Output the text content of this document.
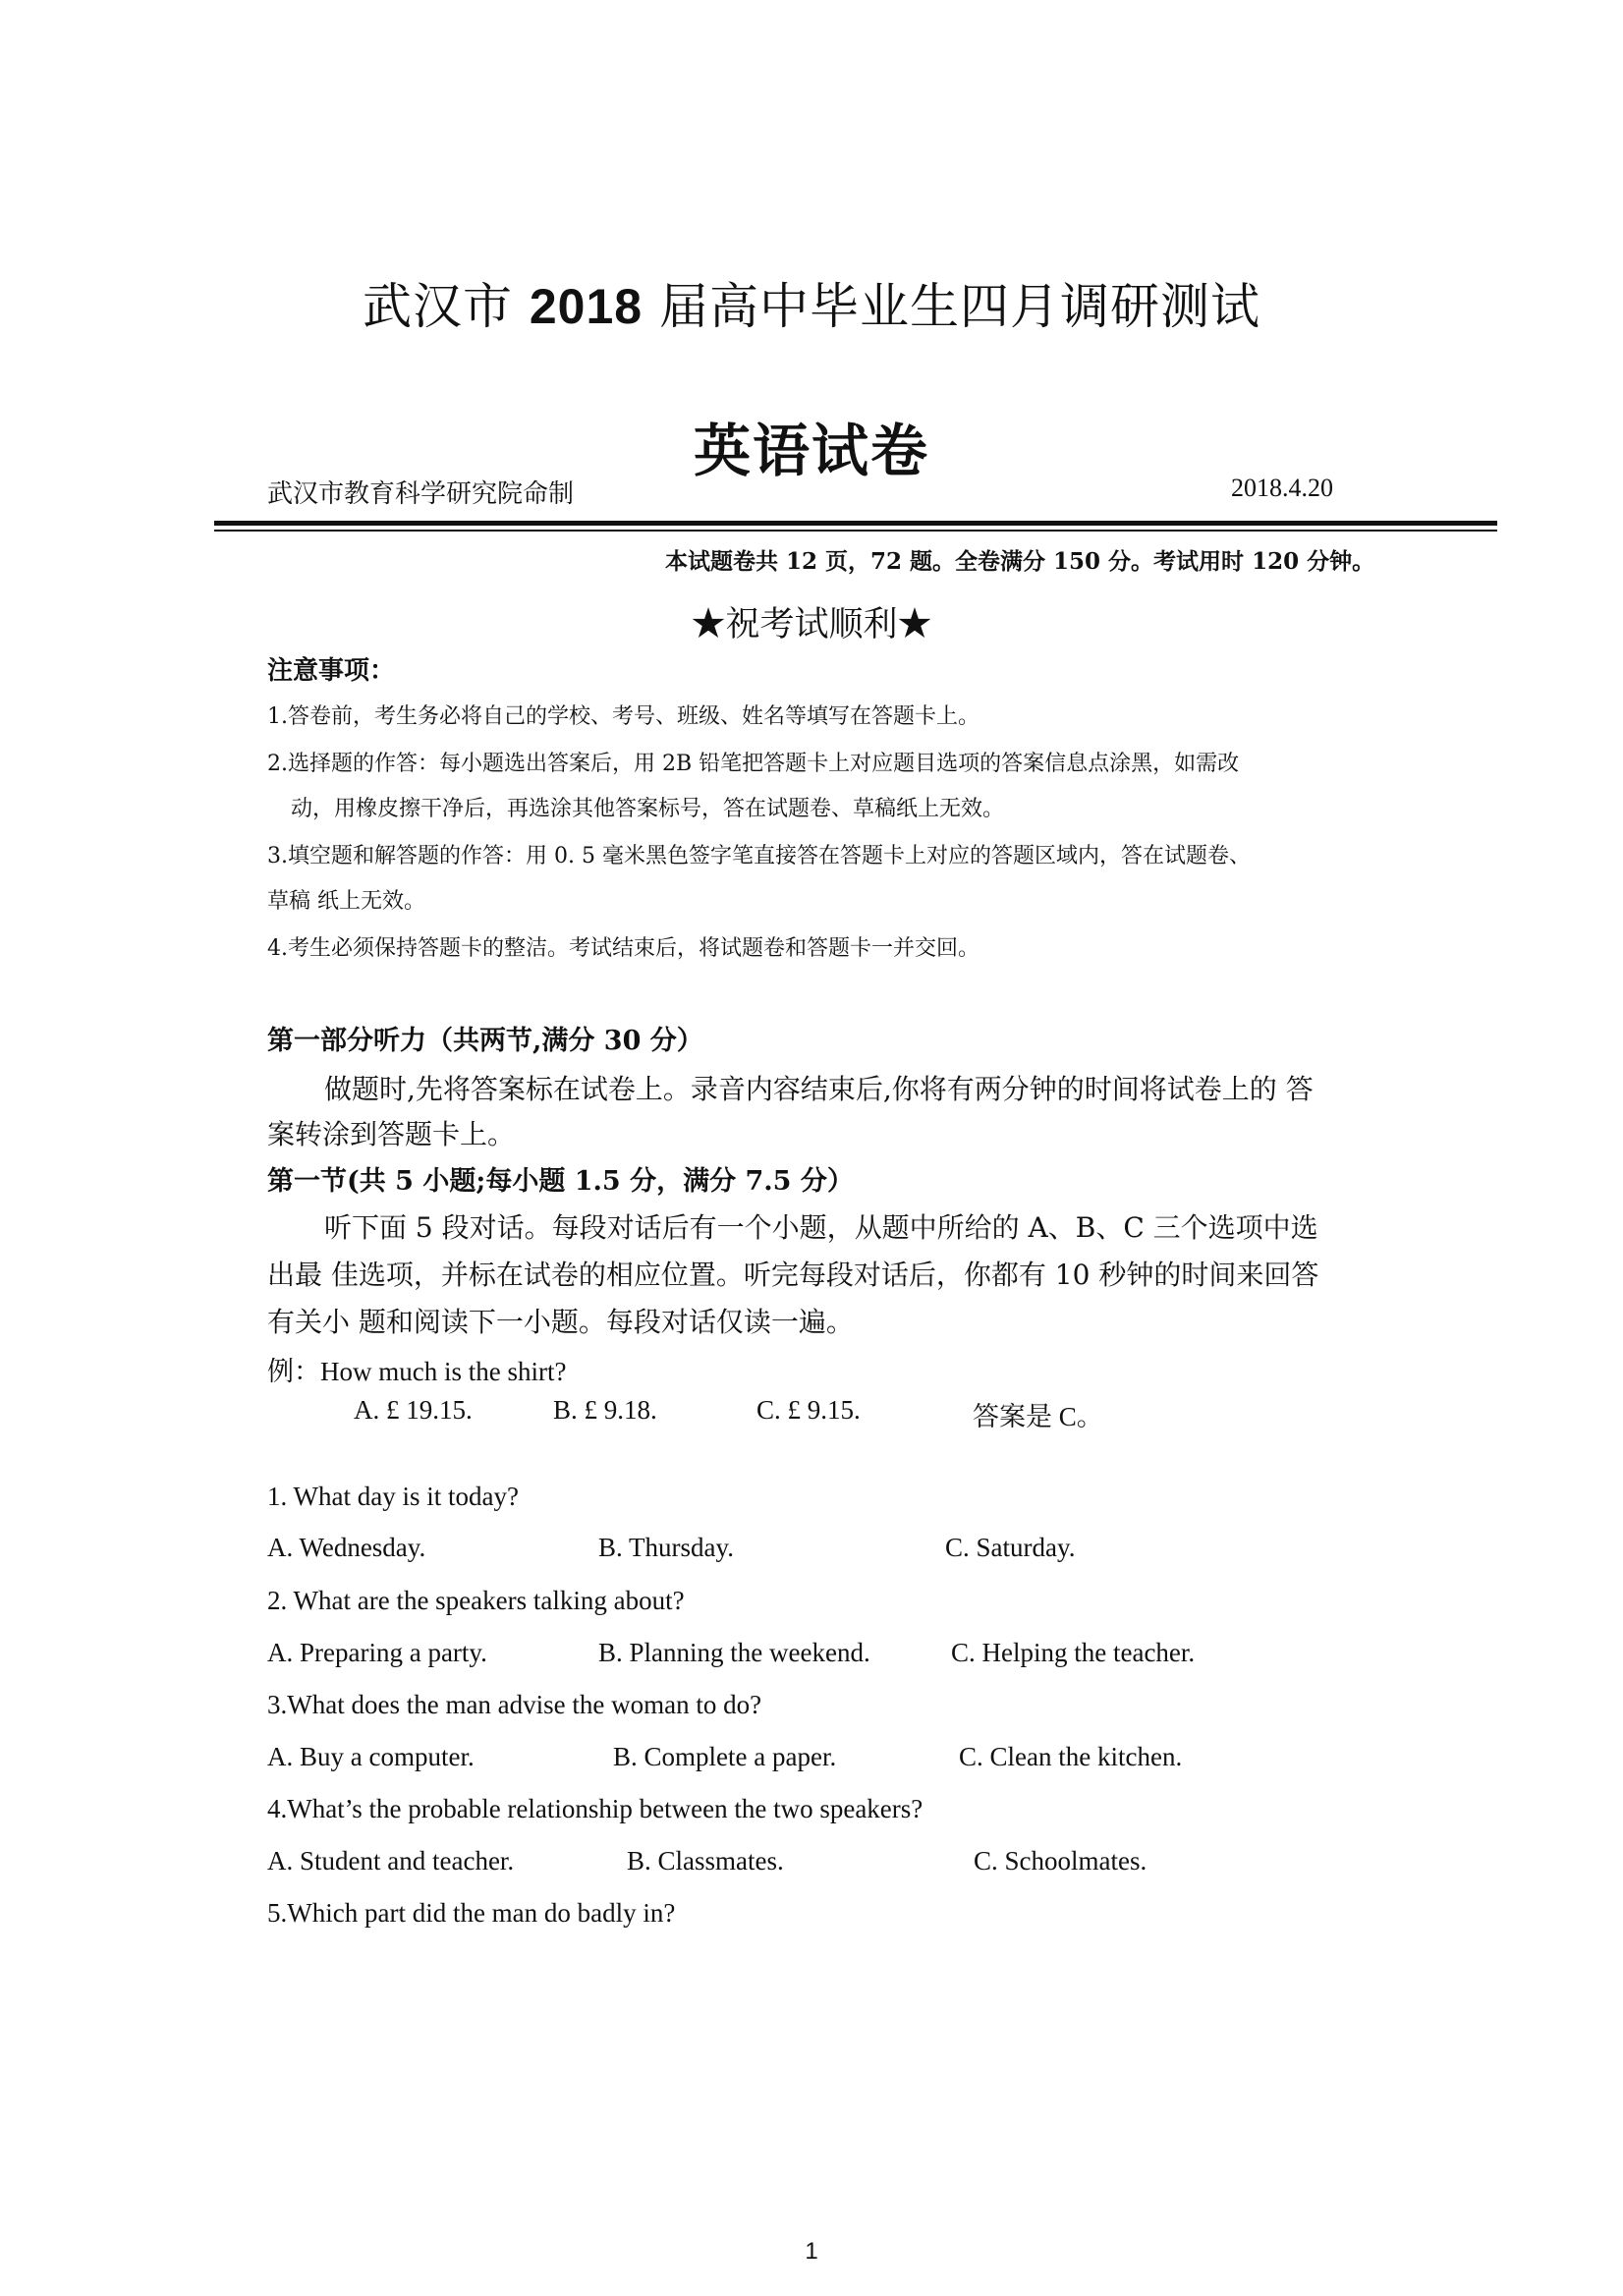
武汉市 2018 届高中毕业生四月调研测试
英语试卷
武汉市教育科学研究院命制	2018.4.20
本试题卷共 12 页，72 题。全卷满分 150 分。考试用时 120 分钟。
★祝考试顺利★
注意事项：
1.答卷前，考生务必将自己的学校、考号、班级、姓名等填写在答题卡上。
2.选择题的作答：每小题选出答案后，用 2B 铅笔把答题卡上对应题目选项的答案信息点涂黑，如需改
动，用橡皮擦干净后，再选涂其他答案标号，答在试题卷、草稿纸上无效。
3.填空题和解答题的作答：用 0. 5 毫米黑色签字笔直接答在答题卡上对应的答题区域内，答在试题卷、
草稿 纸上无效。
4.考生必须保持答题卡的整洁。考试结束后，将试题卷和答题卡一并交回。
第一部分听力（共两节,满分 30 分）
做题时,先将答案标在试卷上。录音内容结束后,你将有两分钟的时间将试卷上的 答
案转涂到答题卡上。
第一节(共 5 小题;每小题 1.5 分，满分 7.5 分）
听下面 5 段对话。每段对话后有一个小题，从题中所给的 A、B、C 三个选项中选
出最 佳选项，并标在试卷的相应位置。听完每段对话后，你都有 10 秒钟的时间来回答
有关小 题和阅读下一小题。每段对话仅读一遍。
例：How much is the shirt?
A. £ 19.15.	B. £ 9.18.	C. £ 9.15.	答案是 C。
1. What day is it today?
A. Wednesday.	B. Thursday.	C. Saturday.
2. What are the speakers talking about?
A. Preparing a party.	B. Planning the weekend.	C. Helping the teacher.
3.What does the man advise the woman to do?
A. Buy a computer.	B. Complete a paper.	C. Clean the kitchen.
4.What’s the probable relationship between the two speakers?
A. Student and teacher.	B. Classmates.	C. Schoolmates.
5.Which part did the man do badly in?
1
